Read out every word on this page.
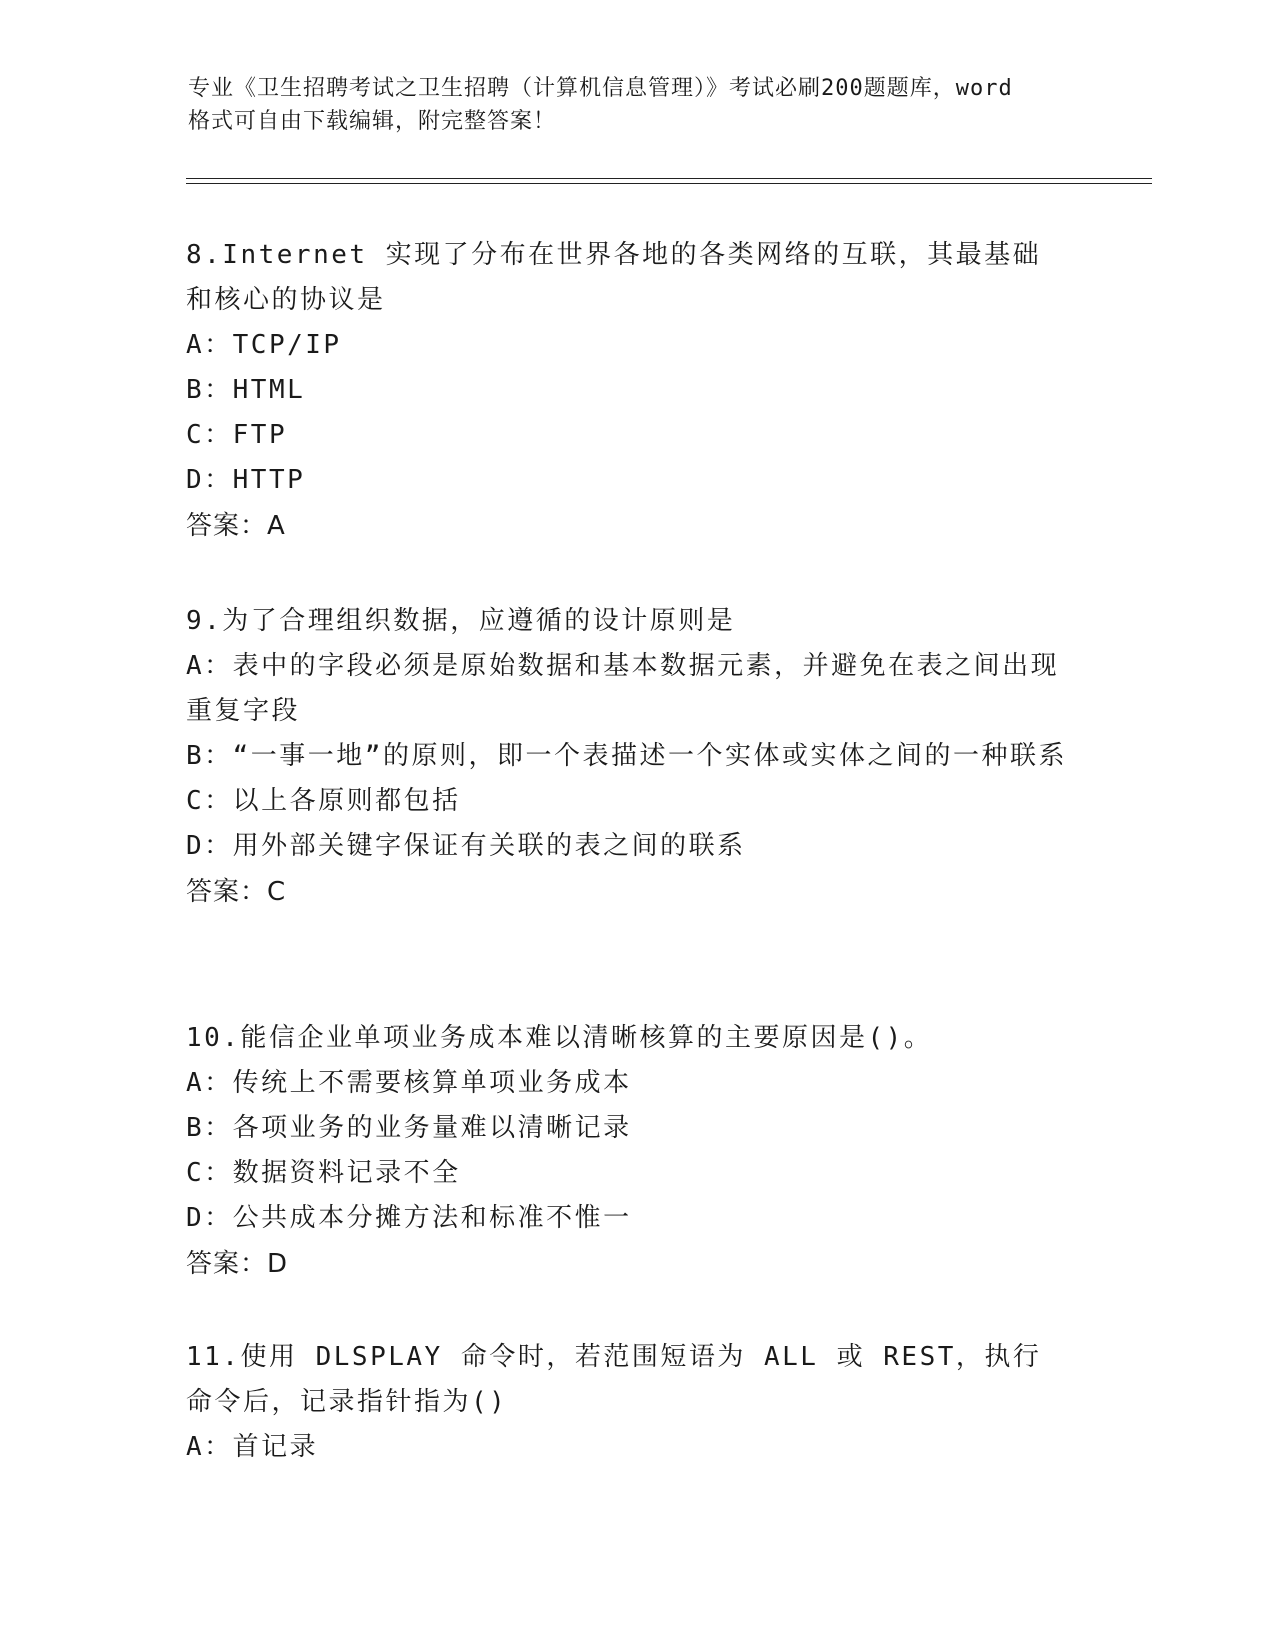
专业《卫生招聘考试之卫生招聘（计算机信息管理）》考试必刷200题题库，word
格式可自由下载编辑，附完整答案！
8.Internet 实现了分布在世界各地的各类网络的互联，其最基础和核心的协议是
A：TCP/IP
B：HTML
C：FTP
D：HTTP
答案：A
9.为了合理组织数据，应遵循的设计原则是
A：表中的字段必须是原始数据和基本数据元素，并避免在表之间出现重复字段
B：“一事一地”的原则，即一个表描述一个实体或实体之间的一种联系
C：以上各原则都包括
D：用外部关键字保证有关联的表之间的联系
答案：C
10.能信企业单项业务成本难以清晰核算的主要原因是()。
A：传统上不需要核算单项业务成本
B：各项业务的业务量难以清晰记录
C：数据资料记录不全
D：公共成本分摊方法和标准不惟一
答案：D
11.使用 DLSPLAY 命令时，若范围短语为 ALL 或 REST，执行命令后，记录指针指为()
A：首记录
